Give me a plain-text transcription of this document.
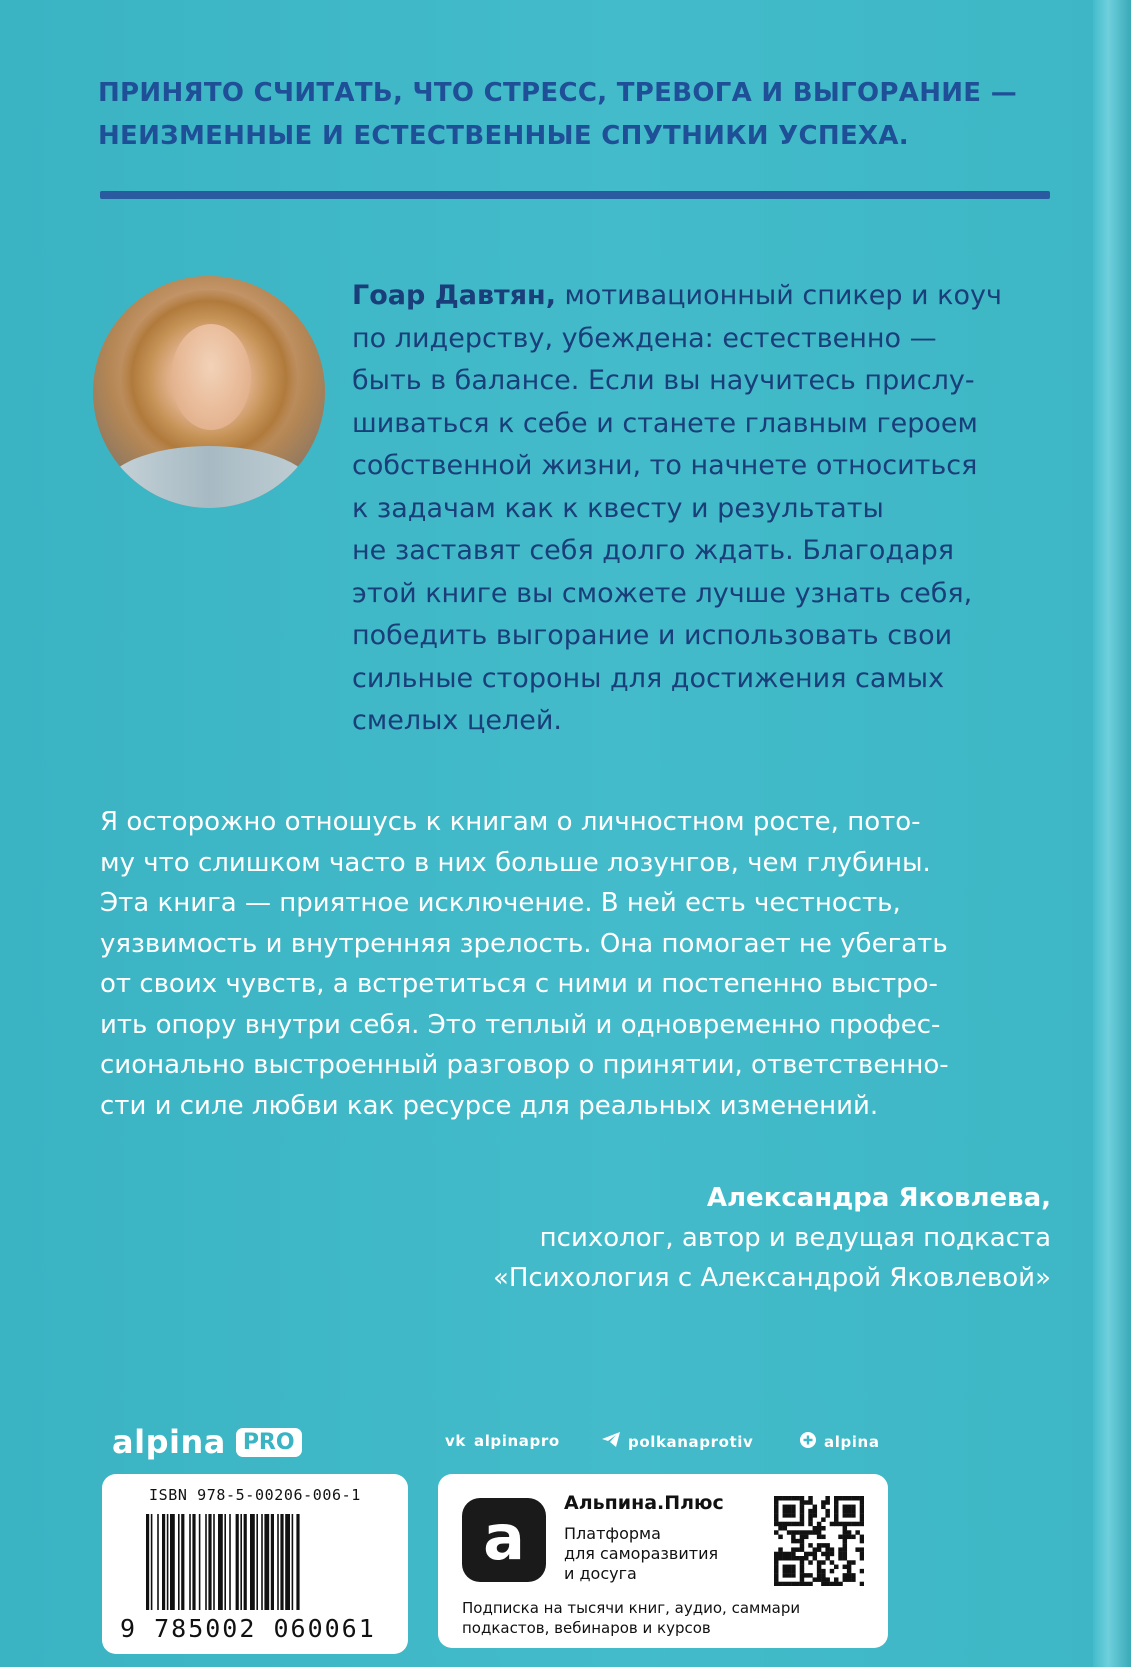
ПРИНЯТО СЧИТАТЬ, ЧТО СТРЕСС, ТРЕВОГА И ВЫГОРАНИЕ —
НЕИЗМЕННЫЕ И ЕСТЕСТВЕННЫЕ СПУТНИКИ УСПЕХА.
Гоар Давтян, мотивационный спикер и коуч
по лидерству, убеждена: естественно —
быть в балансе. Если вы научитесь прислу-
шиваться к себе и станете главным героем
собственной жизни, то начнете относиться
к задачам как к квесту и результаты
не заставят себя долго ждать. Благодаря
этой книге вы сможете лучше узнать себя,
победить выгорание и использовать свои
сильные стороны для достижения самых
смелых целей.
Я осторожно отношусь к книгам о личностном росте, пото-
му что слишком часто в них больше лозунгов, чем глубины.
Эта книга — приятное исключение. В ней есть честность,
уязвимость и внутренняя зрелость. Она помогает не убегать
от своих чувств, а встретиться с ними и постепенно выстро-
ить опору внутри себя. Это теплый и одновременно профес-
сионально выстроенный разговор о принятии, ответственно-
сти и силе любви как ресурсе для реальных изменений.
Александра Яковлева,
психолог, автор и ведущая подкаста
«Психология с Александрой Яковлевой»
alpina PRO	vk alpinapro	polkanaprotiv	alpina
ISBN 978-5-00206-006-1
9 785002 060061
a	Альпина.Плюс
Платформа
для саморазвития
и досуга
Подписка на тысячи книг, аудио, саммари
подкастов, вебинаров и курсов
